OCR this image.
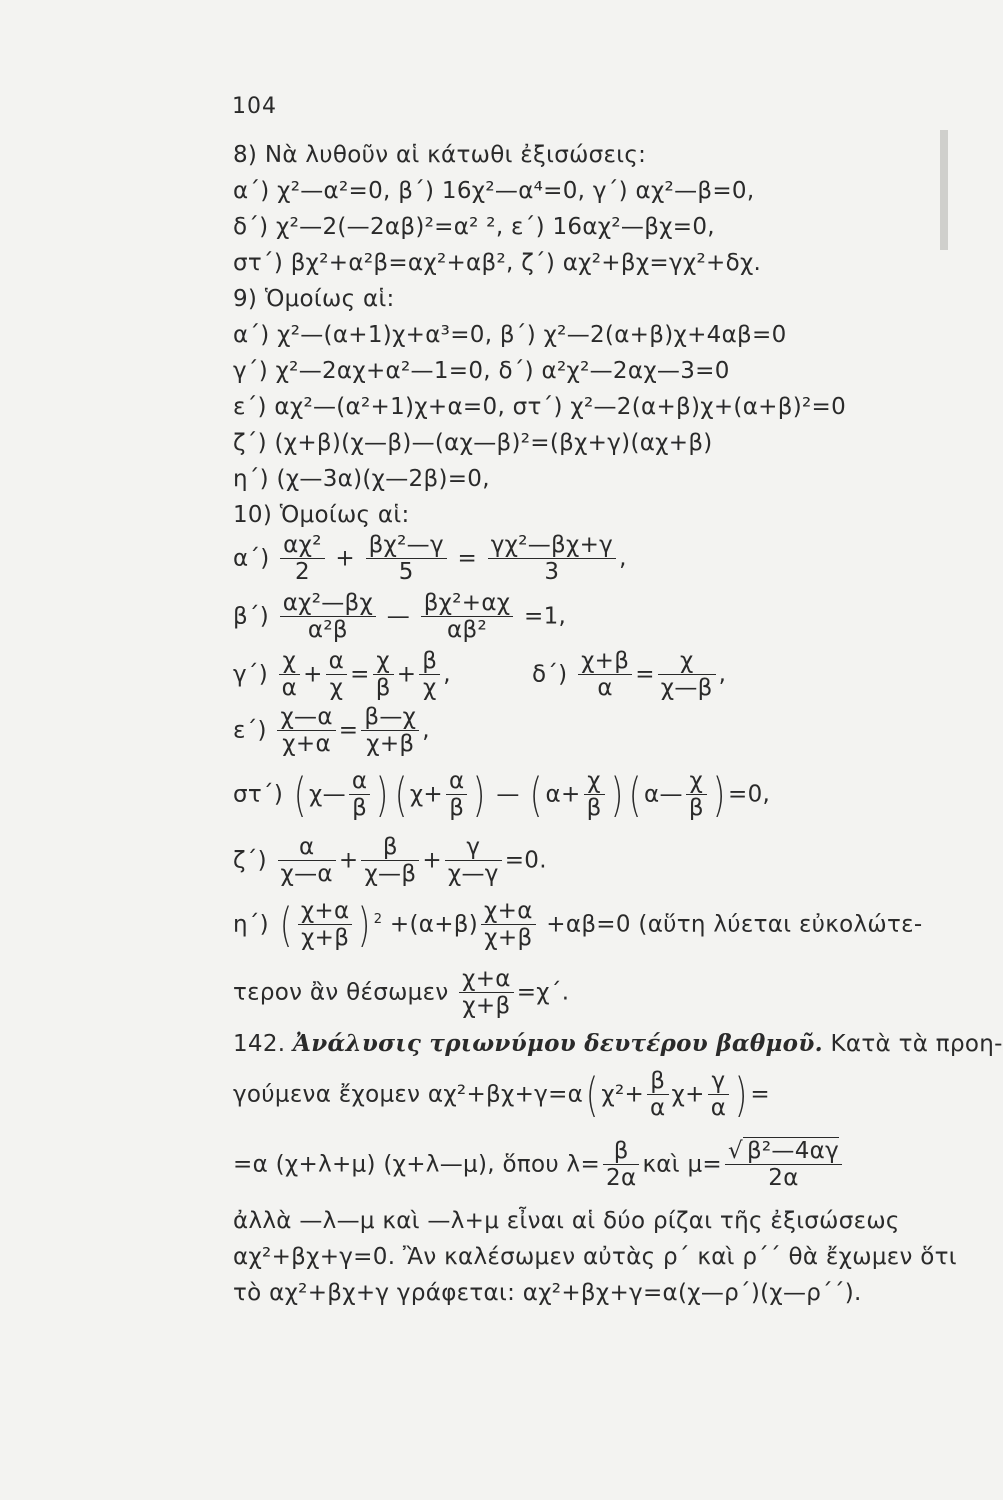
104
8) Νὰ λυθοῦν αἱ κάτωθι ἐξισώσεις:
α΄) χ²—α²=0, β΄) 16χ²—α⁴=0, γ΄) αχ²—β=0,
δ΄) χ²—2(—2αβ)²=α² ², ε΄) 16αχ²—βχ=0,
στ΄) βχ²+α²β=αχ²+αβ², ζ΄) αχ²+βχ=γχ²+δχ.
9) Ὁμοίως αἱ:
α΄) χ²—(α+1)χ+α³=0, β΄) χ²—2(α+β)χ+4αβ=0
γ΄) χ²—2αχ+α²—1=0, δ΄) α²χ²—2αχ—3=0
ε΄) αχ²—(α²+1)χ+α=0, στ΄) χ²—2(α+β)χ+(α+β)²=0
ζ΄) (χ+β)(χ—β)—(αχ—β)²=(βχ+γ)(αχ+β)
η΄) (χ—3α)(χ—2β)=0,
10) Ὁμοίως αἱ:
$\alpha΄) \frac{\text{αχ²}}{2} + \frac{\text{βχ²—γ}}{5} = \frac{\text{γχ²—βχ+γ}}{3}$ ,
$\beta΄) \frac{\text{αχ²—βχ}}{\text{α²β}}$ — $\frac{\text{βχ²+αχ}}{\text{αβ²}} =1$,
$\gamma΄) \frac{\chi}{\alpha} + \frac{\alpha}{\chi} = \frac{\chi}{\beta} + \frac{\beta}{\chi}$ ,	$\delta΄) \frac{\chi+\beta}{\alpha} = \frac{\chi}{\chi—\beta}$ ,
$\varepsilon΄) \frac{\chi—\alpha}{\chi+\alpha} = \frac{\beta—\chi}{\chi+\beta}$ ,
στ΄) ( χ— $\frac{\alpha}{\beta}$ ) ( $\chi+ \frac{\alpha}{\beta}$ ) — ( $\alpha+ \frac{\chi}{\beta}$ ) ( α— $\frac{\chi}{\beta}$ ) =0,
$\zeta΄) \frac{\alpha}{\chi—\alpha} + \frac{\beta}{\chi—\beta} + \frac{\gamma}{\chi—\gamma} =0$.
η΄) ( $\frac{\chi+\alpha}{\chi+\beta}$ ) $^2 +(\alpha+\beta) \frac{\chi+\alpha}{\chi+\beta} +\alpha\beta=0$ (αὕτη λύεται εὐκολώτε-
τερον ἂν θέσωμεν $\frac{\chi+\alpha}{\chi+\beta} =\chi΄$.
142. Ἀνάλυσις τριωνύμου δευτέρου βαθμοῦ. Κατὰ τὰ προη-
γούμενα ἔχομεν αχ²+βχ+γ=α( $\chi^2+ \frac{\beta}{\alpha} \chi+ \frac{\gamma}{\alpha}$ ) =
=α (χ+λ+μ) (χ+λ—μ), ὅπου $\lambda= \frac{\beta}{2\alpha}$ καὶ $\mu= \frac{\text{√ β²—4αγ}}{2\alpha}$
ἀλλὰ —λ—μ καὶ —λ+μ εἶναι αἱ δύο ρίζαι τῆς ἐξισώσεως
αχ²+βχ+γ=0. Ἂν καλέσωμεν αὐτὰς ρ΄ καὶ ρ΄΄ θὰ ἔχωμεν ὅτι
τὸ αχ²+βχ+γ γράφεται: αχ²+βχ+γ=α(χ—ρ΄)(χ—ρ΄΄).
